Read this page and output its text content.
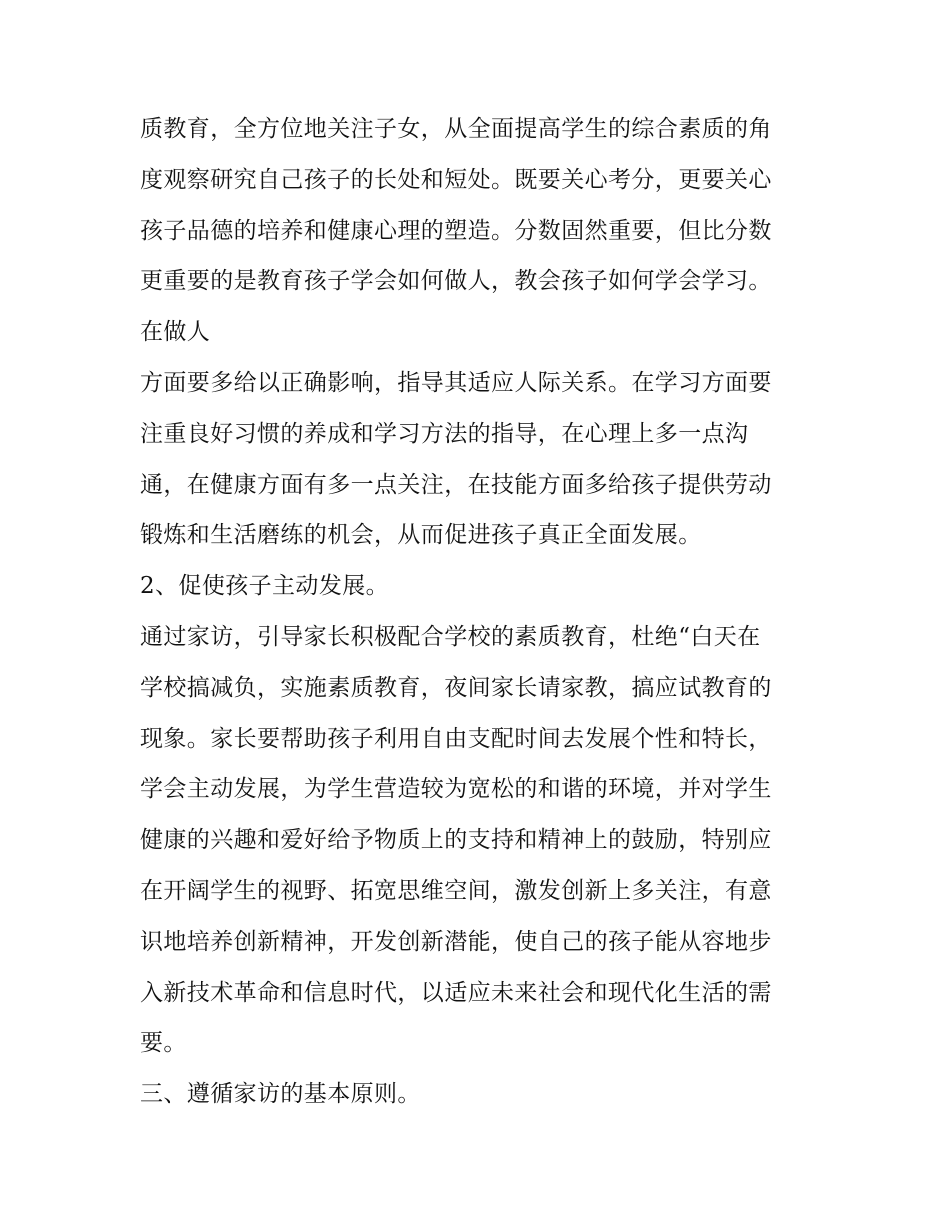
质教育，全方位地关注子女，从全面提高学生的综合素质的角

度观察研究自己孩子的长处和短处。既要关心考分，更要关心

孩子品德的培养和健康心理的塑造。分数固然重要，但比分数

更重要的是教育孩子学会如何做人，教会孩子如何学会学习。

在做人

方面要多给以正确影响，指导其适应人际关系。在学习方面要

注重良好习惯的养成和学习方法的指导，在心理上多一点沟

通，在健康方面有多一点关注，在技能方面多给孩子提供劳动

锻炼和生活磨练的机会，从而促进孩子真正全面发展。

2、促使孩子主动发展。

通过家访，引导家长积极配合学校的素质教育，杜绝“白天在

学校搞减负，实施素质教育，夜间家长请家教，搞应试教育的

现象。家长要帮助孩子利用自由支配时间去发展个性和特长，

学会主动发展，为学生营造较为宽松的和谐的环境，并对学生

健康的兴趣和爱好给予物质上的支持和精神上的鼓励，特别应

在开阔学生的视野、拓宽思维空间，激发创新上多关注，有意

识地培养创新精神，开发创新潜能，使自己的孩子能从容地步

入新技术革命和信息时代，以适应未来社会和现代化生活的需

要。

三、遵循家访的基本原则。
